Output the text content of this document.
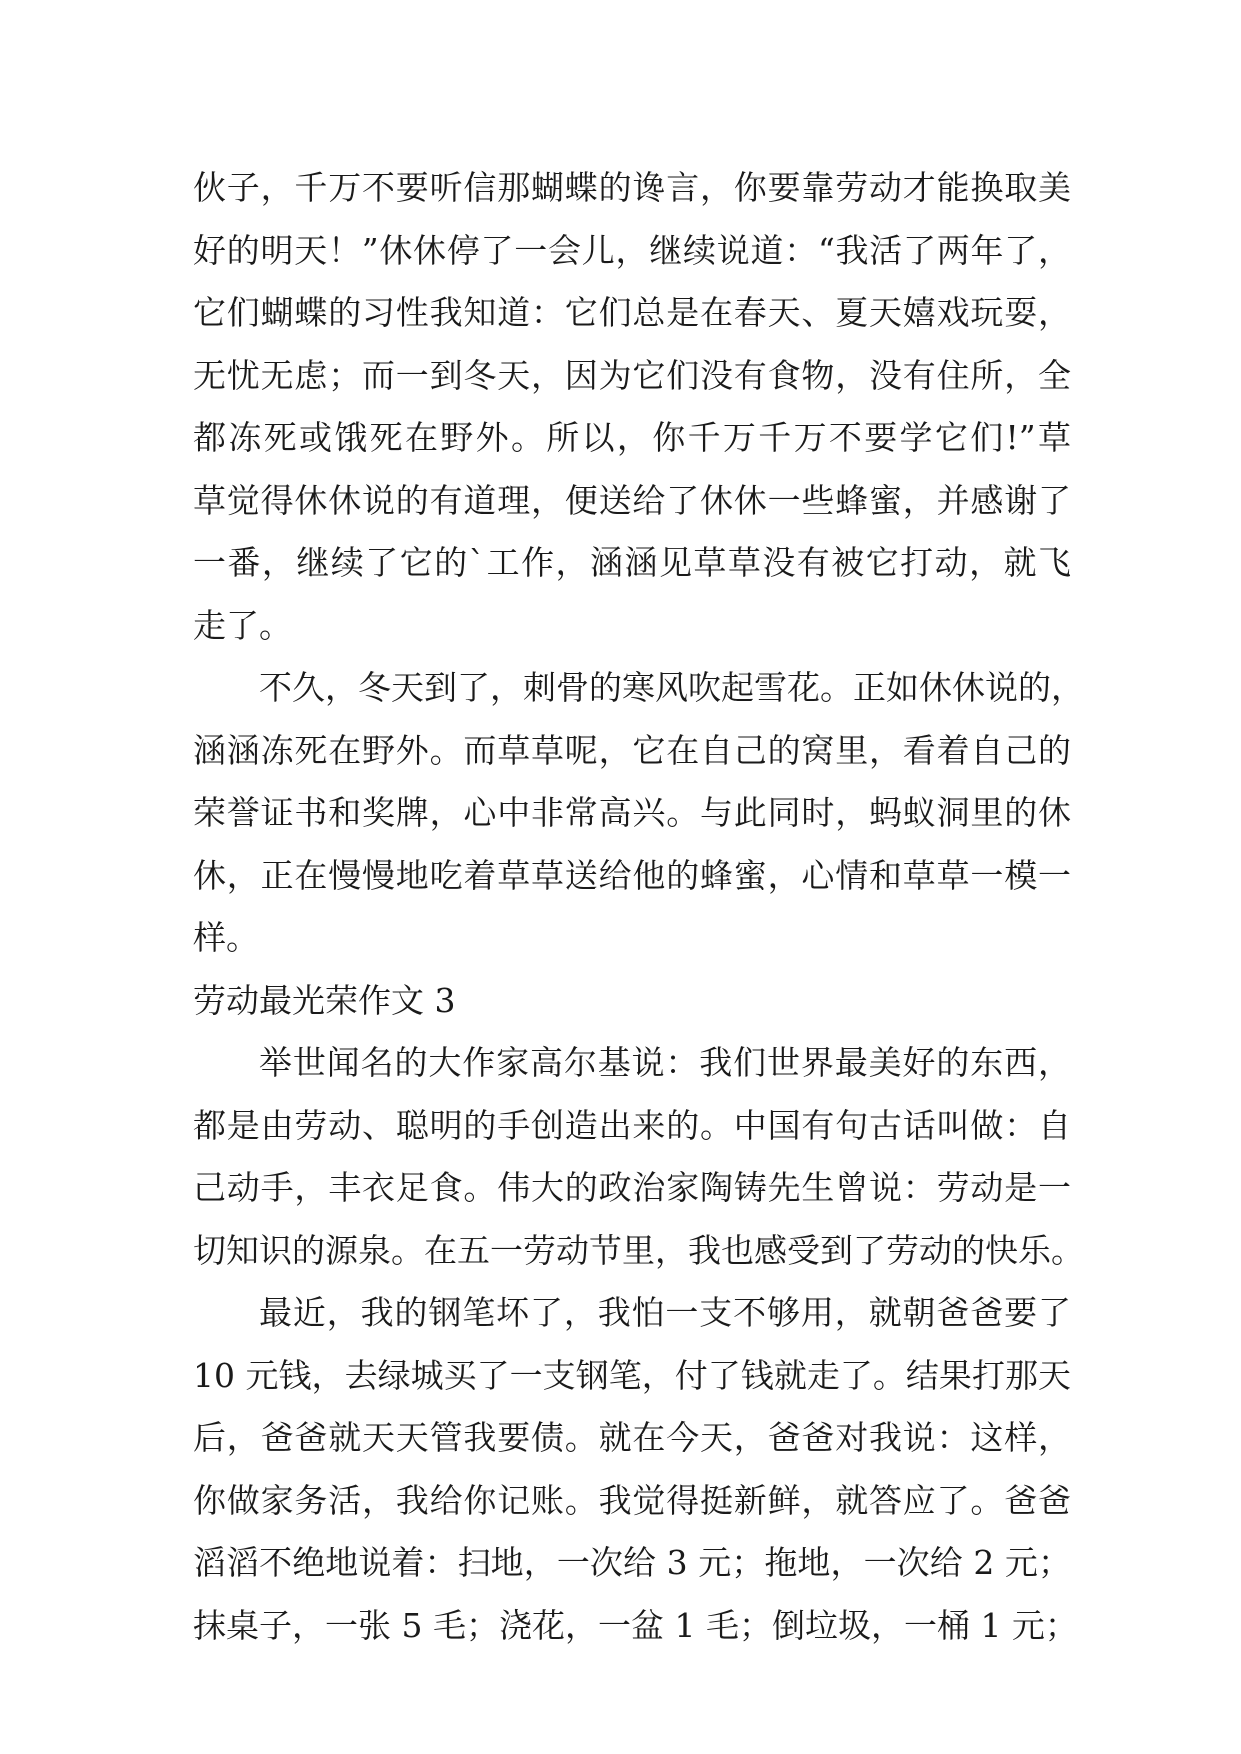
伙子，千万不要听信那蝴蝶的谗言，你要靠劳动才能换取美
好的明天！”休休停了一会儿，继续说道：“我活了两年了，
它们蝴蝶的习性我知道：它们总是在春天、夏天嬉戏玩耍，
无忧无虑；而一到冬天，因为它们没有食物，没有住所，全
都冻死或饿死在野外。所以，你千万千万不要学它们!”草
草觉得休休说的有道理，便送给了休休一些蜂蜜，并感谢了
一番，继续了它的`工作，涵涵见草草没有被它打动，就飞
走了。
不久，冬天到了，刺骨的寒风吹起雪花。正如休休说的，
涵涵冻死在野外。而草草呢，它在自己的窝里，看着自己的
荣誉证书和奖牌，心中非常高兴。与此同时，蚂蚁洞里的休
休，正在慢慢地吃着草草送给他的蜂蜜，心情和草草一模一
样。
劳动最光荣作文 3
举世闻名的大作家高尔基说：我们世界最美好的东西，
都是由劳动、聪明的手创造出来的。中国有句古话叫做：自
己动手，丰衣足食。伟大的政治家陶铸先生曾说：劳动是一
切知识的源泉。在五一劳动节里，我也感受到了劳动的快乐。
最近，我的钢笔坏了，我怕一支不够用，就朝爸爸要了
10 元钱，去绿城买了一支钢笔，付了钱就走了。结果打那天
后，爸爸就天天管我要债。就在今天，爸爸对我说：这样，
你做家务活，我给你记账。我觉得挺新鲜，就答应了。爸爸
滔滔不绝地说着：扫地，一次给 3 元；拖地，一次给 2 元；
抹桌子，一张 5 毛；浇花，一盆 1 毛；倒垃圾，一桶 1 元；
